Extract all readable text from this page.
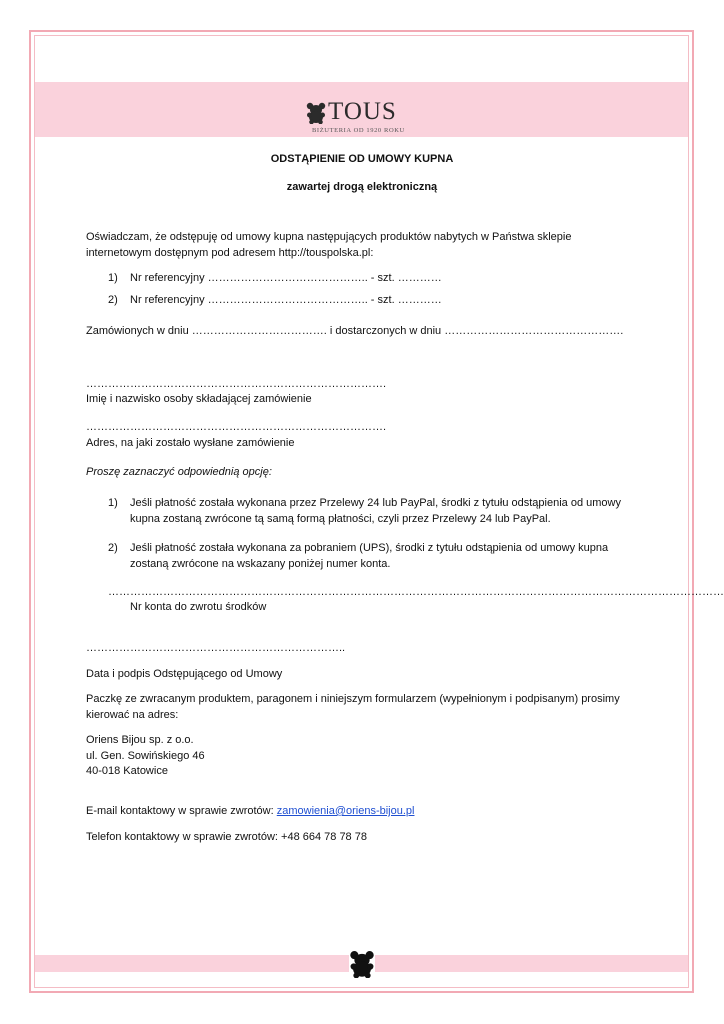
TOUS
BIŻUTERIA OD 1920 ROKU
ODSTĄPIENIE OD UMOWY KUPNA
zawartej drogą elektroniczną
Oświadczam, że odstępuję od umowy kupna następujących produktów nabytych w Państwa sklepie
internetowym dostępnym pod adresem http://touspolska.pl:
1) Nr referencyjny …………………………………….. - szt. …………
2) Nr referencyjny …………………………………….. - szt. …………
Zamówionych w dniu ………………………………. i dostarczonych w dniu ………………………………………….
……………………………………………………………………….
Imię i nazwisko osoby składającej zamówienie
……………………………………………………………………….
Adres, na jaki zostało wysłane zamówienie
Proszę zaznaczyć odpowiednią opcję:
1) Jeśli płatność została wykonana przez Przelewy 24 lub PayPal, środki z tytułu odstąpienia od umowy
kupna zostaną zwrócone tą samą formą płatności, czyli przez Przelewy 24 lub PayPal.
2) Jeśli płatność została wykonana za pobraniem (UPS), środki z tytułu odstąpienia od umowy kupna
zostaną zwrócone na wskazany poniżej numer konta.
……………………………………………………………………………………………………………………………………………………
Nr konta do zwrotu środków
……………………………………………………………..
Data i podpis Odstępującego od Umowy
Paczkę ze zwracanym produktem, paragonem i niniejszym formularzem (wypełnionym i podpisanym) prosimy
kierować na adres:
Oriens Bijou sp. z o.o.
ul. Gen. Sowińskiego 46
40-018 Katowice
E-mail kontaktowy w sprawie zwrotów: zamowienia@oriens-bijou.pl
Telefon kontaktowy w sprawie zwrotów: +48 664 78 78 78
